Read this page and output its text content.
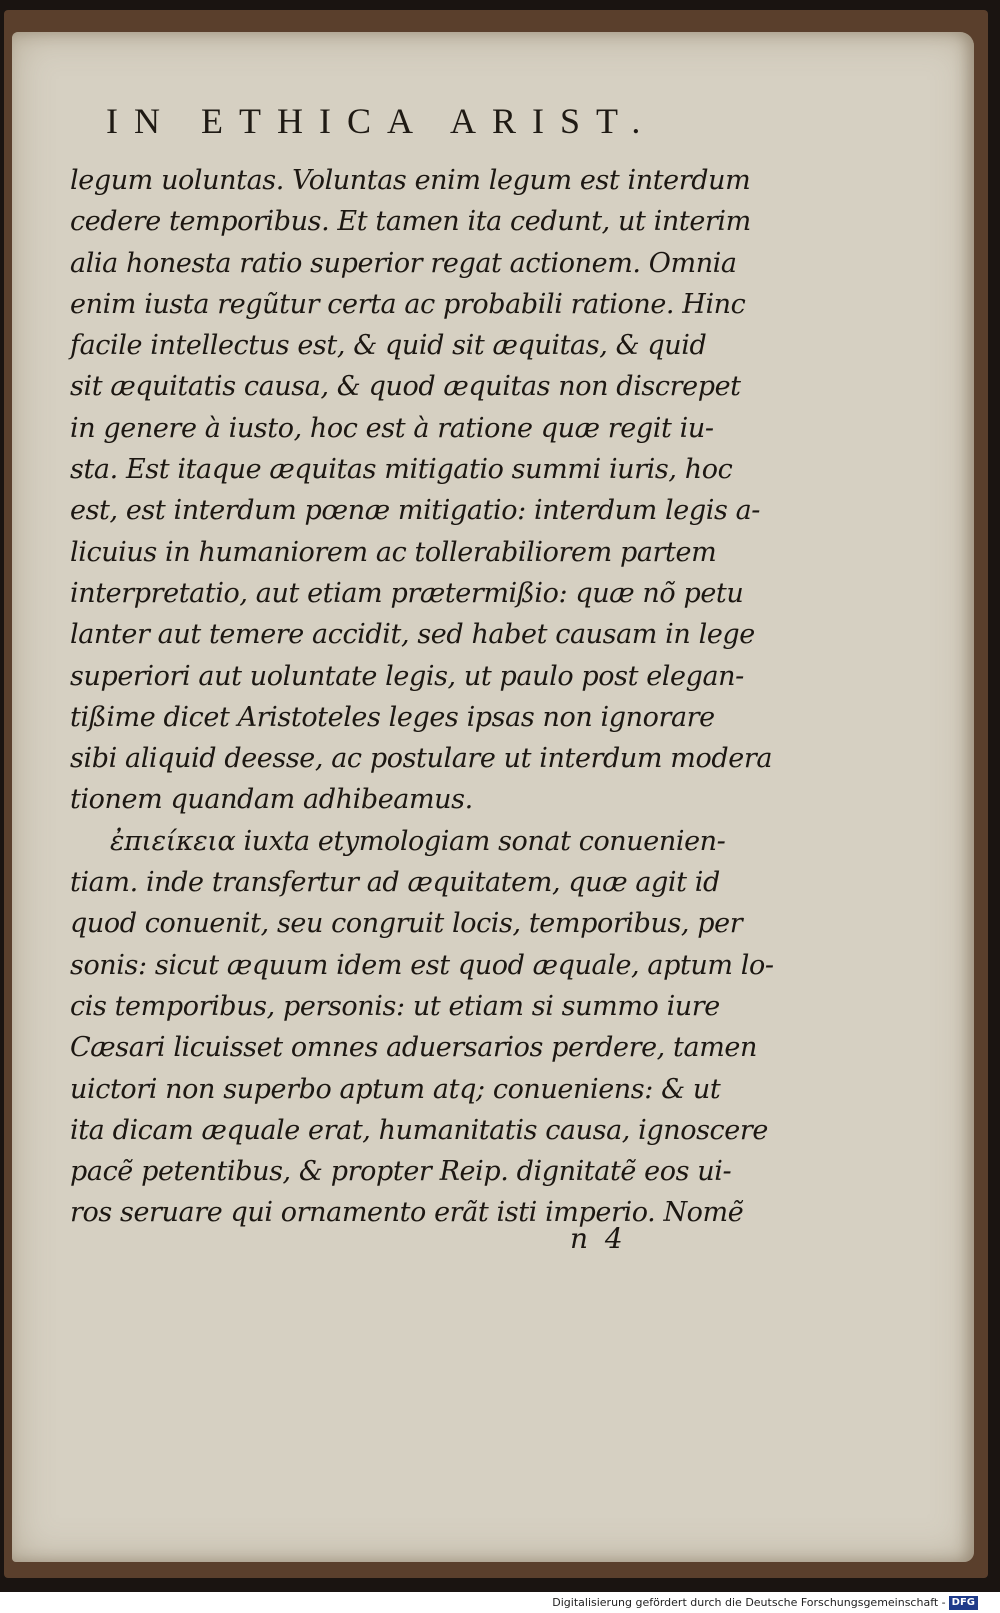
IN ETHICA ARIST.
legum uoluntas. Voluntas enim legum est interdum
cedere temporibus. Et tamen ita cedunt, ut interim
alia honesta ratio superior regat actionem. Omnia
enim iusta regũtur certa ac probabili ratione. Hinc
facile intellectus est, & quid sit æquitas, & quid
sit æquitatis causa, & quod æquitas non discrepet
in genere à iusto, hoc est à ratione quæ regit iu-
sta. Est itaque æquitas mitigatio summi iuris, hoc
est, est interdum pœnæ mitigatio: interdum legis a-
licuius in humaniorem ac tollerabiliorem partem
interpretatio, aut etiam prætermißio: quæ nõ petu
lanter aut temere accidit, sed habet causam in lege
superiori aut uoluntate legis, ut paulo post elegan-
tißime dicet Aristoteles leges ipsas non ignorare
sibi aliquid deesse, ac postulare ut interdum modera
tionem quandam adhibeamus.
ἐπιείκεια iuxta etymologiam sonat conuenien-
tiam. inde transfertur ad æquitatem, quæ agit id
quod conuenit, seu congruit locis, temporibus, per
sonis: sicut æquum idem est quod æquale, aptum lo-
cis temporibus, personis: ut etiam si summo iure
Cæsari licuisset omnes aduersarios perdere, tamen
uictori non superbo aptum atq; conueniens: & ut
ita dicam æquale erat, humanitatis causa, ignoscere
pacẽ petentibus, & propter Reip. dignitatẽ eos ui-
ros seruare qui ornamento erãt isti imperio. Nomẽ
n 4
Digitalisierung gefördert durch die Deutsche Forschungsgemeinschaft - DFG
